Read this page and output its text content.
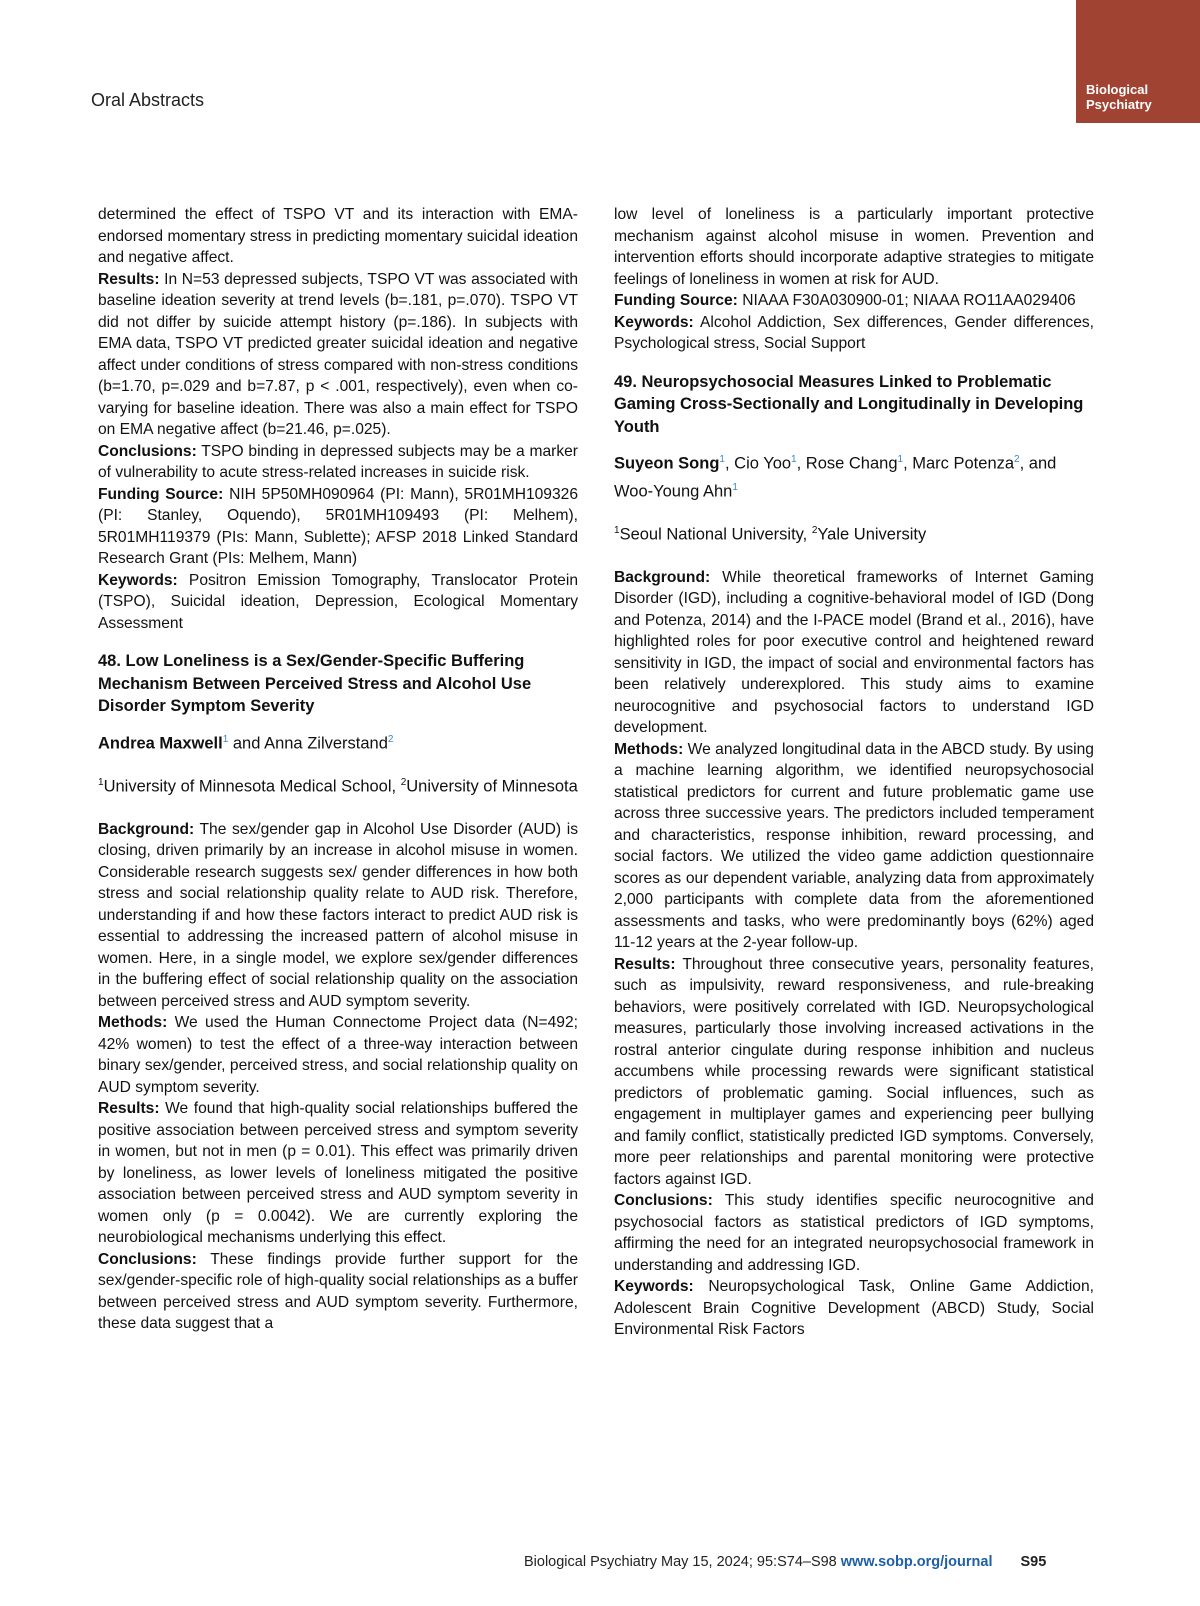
Oral Abstracts
Biological
Psychiatry

determined the effect of TSPO VT and its interaction with EMA-endorsed momentary stress in predicting momentary suicidal ideation and negative affect.

Results: In N=53 depressed subjects, TSPO VT was associated with baseline ideation severity at trend levels (b=.181, p=.070). TSPO VT did not differ by suicide attempt history (p=.186). In subjects with EMA data, TSPO VT predicted greater suicidal ideation and negative affect under conditions of stress compared with non-stress conditions (b=1.70, p=.029 and b=7.87, p < .001, respectively), even when co-varying for baseline ideation. There was also a main effect for TSPO on EMA negative affect (b=21.46, p=.025).

Conclusions: TSPO binding in depressed subjects may be a marker of vulnerability to acute stress-related increases in suicide risk.

Funding Source: NIH 5P50MH090964 (PI: Mann), 5R01MH109326 (PI: Stanley, Oquendo), 5R01MH109493 (PI: Melhem), 5R01MH119379 (PIs: Mann, Sublette); AFSP 2018 Linked Standard Research Grant (PIs: Melhem, Mann)

Keywords: Positron Emission Tomography, Translocator Protein (TSPO), Suicidal ideation, Depression, Ecological Momentary Assessment

48. Low Loneliness is a Sex/Gender-Specific Buffering Mechanism Between Perceived Stress and Alcohol Use Disorder Symptom Severity

Andrea Maxwell$^1$ and Anna Zilverstand$^2$

$^1$University of Minnesota Medical School, $^2$University of Minnesota

Background: The sex/gender gap in Alcohol Use Disorder (AUD) is closing, driven primarily by an increase in alcohol misuse in women. Considerable research suggests sex/ gender differences in how both stress and social relationship quality relate to AUD risk. Therefore, understanding if and how these factors interact to predict AUD risk is essential to addressing the increased pattern of alcohol misuse in women. Here, in a single model, we explore sex/gender differences in the buffering effect of social relationship quality on the association between perceived stress and AUD symptom severity.

Methods: We used the Human Connectome Project data (N=492; 42% women) to test the effect of a three-way interaction between binary sex/gender, perceived stress, and social relationship quality on AUD symptom severity.

Results: We found that high-quality social relationships buffered the positive association between perceived stress and symptom severity in women, but not in men (p = 0.01). This effect was primarily driven by loneliness, as lower levels of loneliness mitigated the positive association between perceived stress and AUD symptom severity in women only (p = 0.0042). We are currently exploring the neurobiological mechanisms underlying this effect.

Conclusions: These findings provide further support for the sex/gender-specific role of high-quality social relationships as a buffer between perceived stress and AUD symptom severity. Furthermore, these data suggest that a

low level of loneliness is a particularly important protective mechanism against alcohol misuse in women. Prevention and intervention efforts should incorporate adaptive strategies to mitigate feelings of loneliness in women at risk for AUD.

Funding Source: NIAAA F30A030900-01; NIAAA RO11AA029406

Keywords: Alcohol Addiction, Sex differences, Gender differences, Psychological stress, Social Support

49. Neuropsychosocial Measures Linked to Problematic Gaming Cross-Sectionally and Longitudinally in Developing Youth

Suyeon Song$^1$, Cio Yoo$^1$, Rose Chang$^1$, Marc Potenza$^2$, and Woo-Young Ahn$^1$

$^1$Seoul National University, $^2$Yale University

Background: While theoretical frameworks of Internet Gaming Disorder (IGD), including a cognitive-behavioral model of IGD (Dong and Potenza, 2014) and the I-PACE model (Brand et al., 2016), have highlighted roles for poor executive control and heightened reward sensitivity in IGD, the impact of social and environmental factors has been relatively underexplored. This study aims to examine neurocognitive and psychosocial factors to understand IGD development.

Methods: We analyzed longitudinal data in the ABCD study. By using a machine learning algorithm, we identified neuropsychosocial statistical predictors for current and future problematic game use across three successive years. The predictors included temperament and characteristics, response inhibition, reward processing, and social factors. We utilized the video game addiction questionnaire scores as our dependent variable, analyzing data from approximately 2,000 participants with complete data from the aforementioned assessments and tasks, who were predominantly boys (62%) aged 11-12 years at the 2-year follow-up.

Results: Throughout three consecutive years, personality features, such as impulsivity, reward responsiveness, and rule-breaking behaviors, were positively correlated with IGD. Neuropsychological measures, particularly those involving increased activations in the rostral anterior cingulate during response inhibition and nucleus accumbens while processing rewards were significant statistical predictors of problematic gaming. Social influences, such as engagement in multiplayer games and experiencing peer bullying and family conflict, statistically predicted IGD symptoms. Conversely, more peer relationships and parental monitoring were protective factors against IGD.

Conclusions: This study identifies specific neurocognitive and psychosocial factors as statistical predictors of IGD symptoms, affirming the need for an integrated neuropsychosocial framework in understanding and addressing IGD.

Keywords: Neuropsychological Task, Online Game Addiction, Adolescent Brain Cognitive Development (ABCD) Study, Social Environmental Risk Factors

Biological Psychiatry May 15, 2024; 95:S74–S98 www.sobp.org/journal S95
